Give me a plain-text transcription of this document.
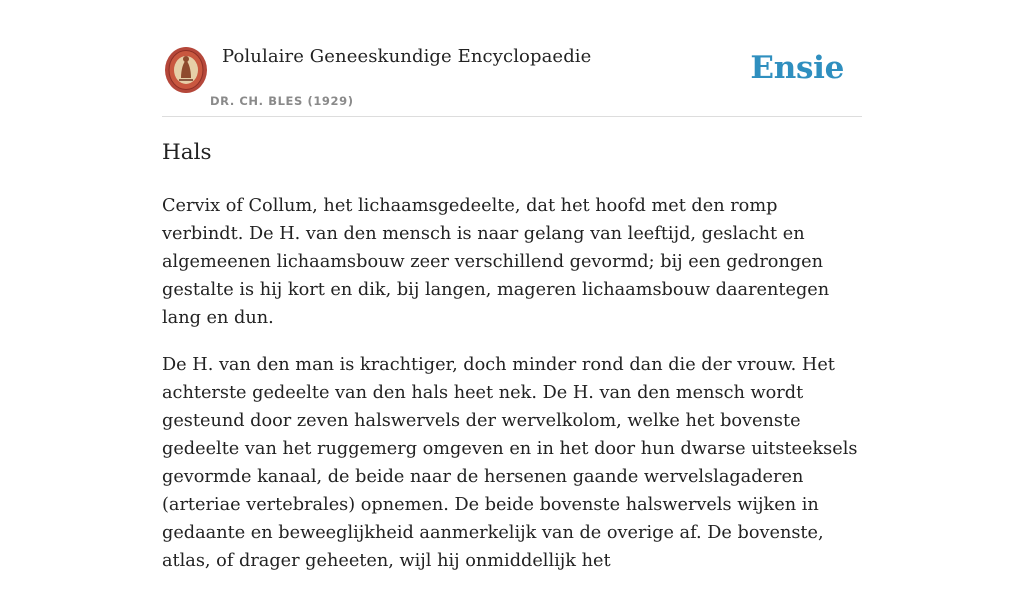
Polulaire Geneeskundige Encyclopaedie
DR. CH. BLES (1929)
Ensie
Hals

Cervix of Collum, het lichaamsgedeelte, dat het hoofd met den romp verbindt. De H. van den mensch is naar gelang van leeftijd, geslacht en algemeenen lichaamsbouw zeer verschillend gevormd; bij een gedrongen gestalte is hij kort en dik, bij langen, mageren lichaamsbouw daarentegen lang en dun.

De H. van den man is krachtiger, doch minder rond dan die der vrouw. Het achterste gedeelte van den hals heet nek. De H. van den mensch wordt gesteund door zeven halswervels der wervelkolom, welke het bovenste gedeelte van het ruggemerg omgeven en in het door hun dwarse uitsteeksels gevormde kanaal, de beide naar de hersenen gaande wervelslagaderen (arteriae vertebrales) opnemen. De beide bovenste halswervels wijken in gedaante en beweeglijkheid aanmerkelijk van de overige af. De bovenste, atlas, of drager geheeten, wijl hij onmiddellijk het
